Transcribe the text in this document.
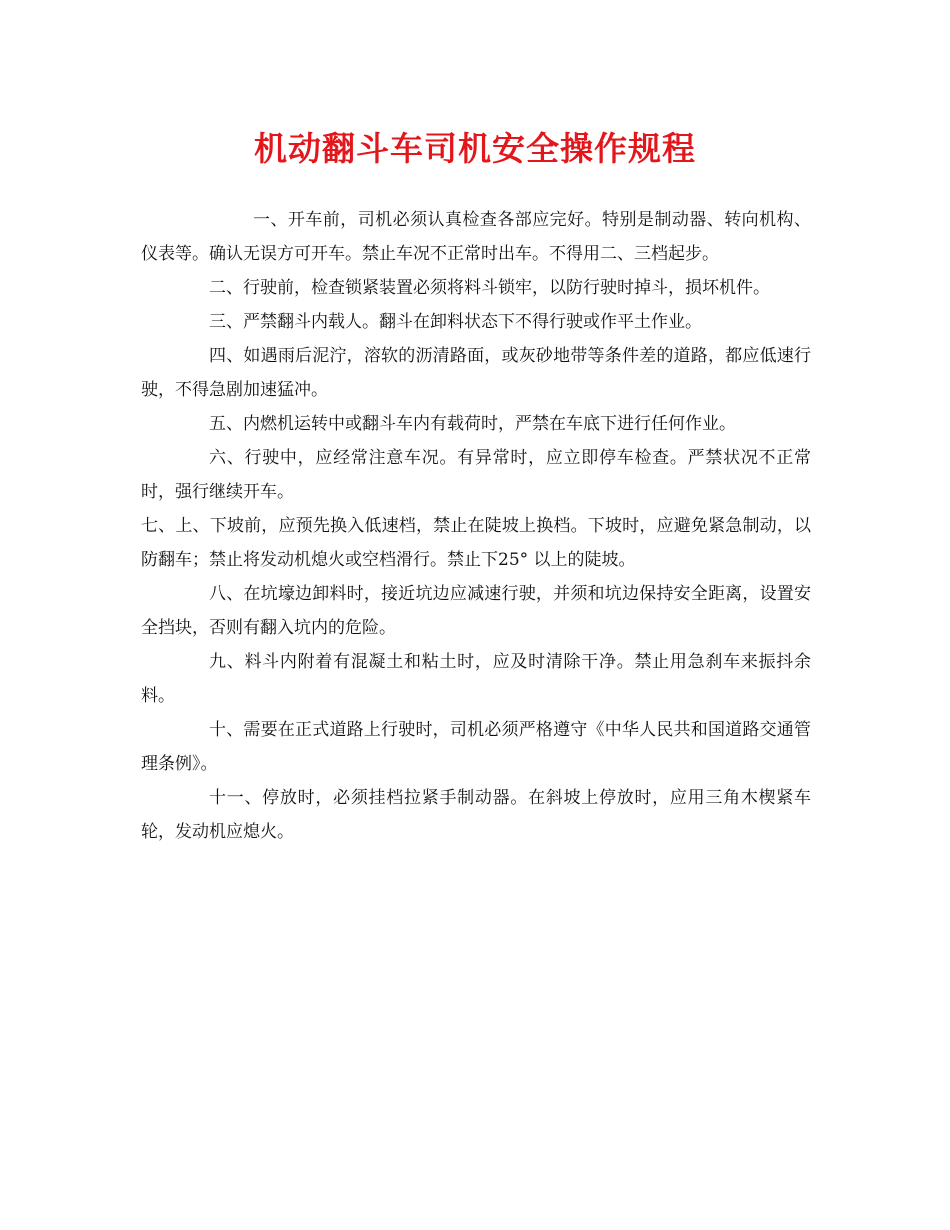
机动翻斗车司机安全操作规程

一、开车前，司机必须认真检查各部应完好。特别是制动器、转向机构、仪表等。确认无误方可开车。禁止车况不正常时出车。不得用二、三档起步。

二、行驶前，检查锁紧装置必须将料斗锁牢，以防行驶时掉斗，损坏机件。

三、严禁翻斗内载人。翻斗在卸料状态下不得行驶或作平土作业。

四、如遇雨后泥泞，溶软的沥清路面，或灰砂地带等条件差的道路，都应低速行驶，不得急剧加速猛冲。

五、内燃机运转中或翻斗车内有载荷时，严禁在车底下进行任何作业。

六、行驶中，应经常注意车况。有异常时，应立即停车检查。严禁状况不正常时，强行继续开车。

七、上、下坡前，应预先换入低速档，禁止在陡坡上换档。下坡时，应避免紧急制动，以防翻车；禁止将发动机熄火或空档滑行。禁止下25° 以上的陡坡。

八、在坑壕边卸料时，接近坑边应减速行驶，并须和坑边保持安全距离，设置安全挡块，否则有翻入坑内的危险。

九、料斗内附着有混凝土和粘土时，应及时清除干净。禁止用急刹车来振抖余料。

十、需要在正式道路上行驶时，司机必须严格遵守《中华人民共和国道路交通管理条例》。

十一、停放时，必须挂档拉紧手制动器。在斜坡上停放时，应用三角木楔紧车轮，发动机应熄火。
